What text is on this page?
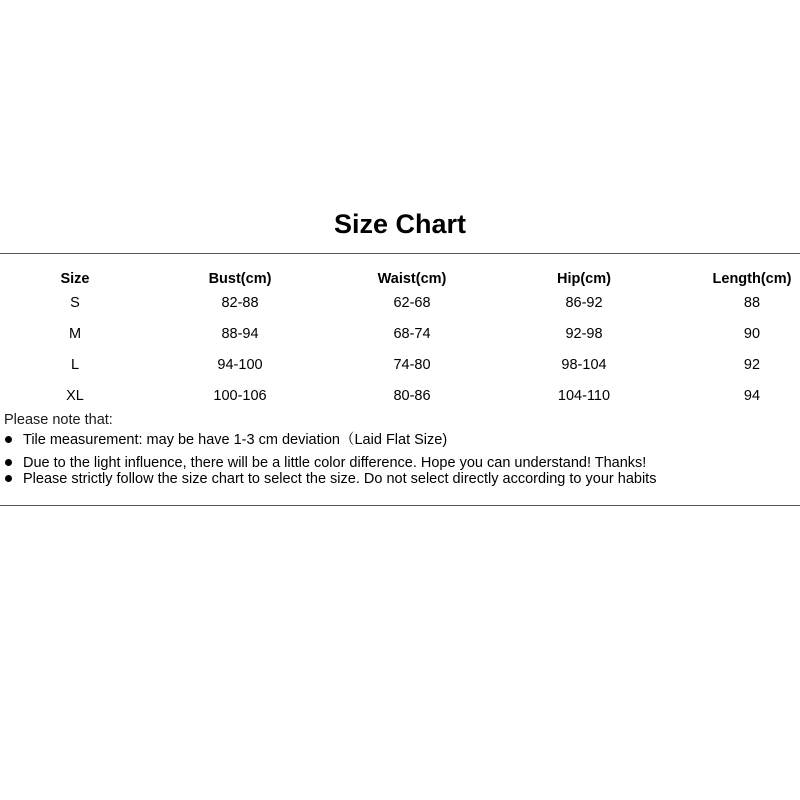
Size Chart
Size	Bust(cm)	Waist(cm)	Hip(cm)	Length(cm)
S	82-88	62-68	86-92	88
M	88-94	68-74	92-98	90
L	94-100	74-80	98-104	92
XL	100-106	80-86	104-110	94
Please note that:
Tile measurement: may be have 1-3 cm deviation（Laid Flat Size)
Due to the light influence, there will be a little color difference. Hope you can understand! Thanks!
Please strictly follow the size chart to select the size. Do not select directly according to your habits
